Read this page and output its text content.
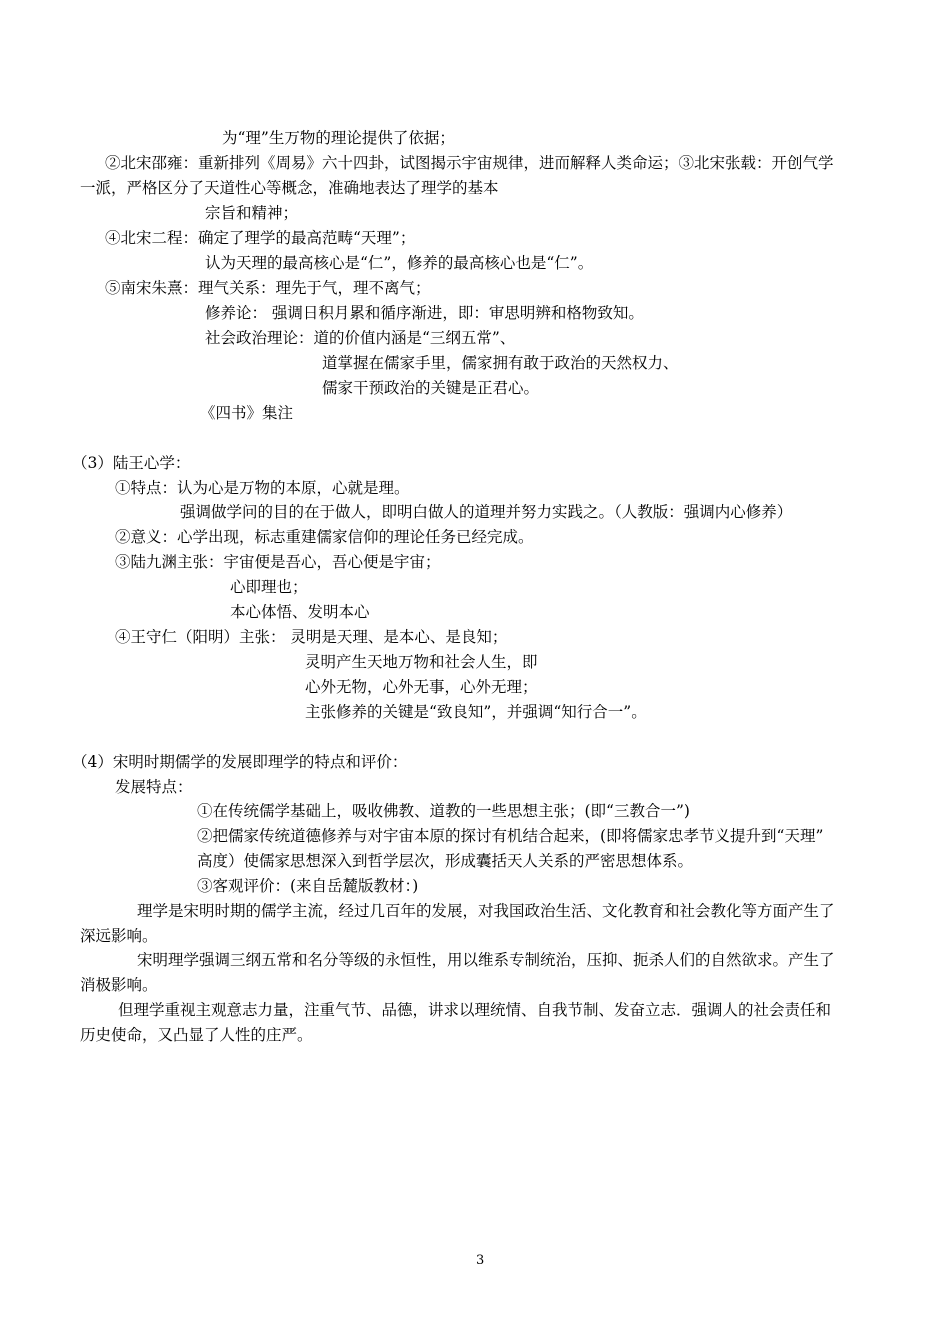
为“理”生万物的理论提供了依据；
②北宋邵雍：重新排列《周易》六十四卦，试图揭示宇宙规律，进而解释人类命运；③北宋张载：开创气学
一派，严格区分了天道性心等概念，准确地表达了理学的基本
宗旨和精神；
④北宋二程：确定了理学的最高范畴“天理”；
认为天理的最高核心是“仁”，修养的最高核心也是“仁”。
⑤南宋朱熹：理气关系：理先于气，理不离气；
修养论： 强调日积月累和循序渐进，即：审思明辨和格物致知。
社会政治理论：道的价值内涵是“三纲五常”、
道掌握在儒家手里，儒家拥有敢于政治的天然权力、
儒家干预政治的关键是正君心。
《四书》集注
（3）陆王心学：
①特点：认为心是万物的本原，心就是理。
强调做学问的目的在于做人，即明白做人的道理并努力实践之。（人教版：强调内心修养）
②意义：心学出现，标志重建儒家信仰的理论任务已经完成。
③陆九渊主张：宇宙便是吾心，吾心便是宇宙；
心即理也；
本心体悟、发明本心
④王守仁（阳明）主张： 灵明是天理、是本心、是良知；
灵明产生天地万物和社会人生，即
心外无物，心外无事，心外无理；
主张修养的关键是“致良知”，并强调“知行合一”。
（4）宋明时期儒学的发展即理学的特点和评价：
发展特点：
①在传统儒学基础上，吸收佛教、道教的一些思想主张；(即“三教合一”)
②把儒家传统道德修养与对宇宙本原的探讨有机结合起来，(即将儒家忠孝节义提升到“天理”
高度）使儒家思想深入到哲学层次，形成囊括天人关系的严密思想体系。
③客观评价：(来自岳麓版教材：)
理学是宋明时期的儒学主流，经过几百年的发展，对我国政治生活、文化教育和社会教化等方面产生了
深远影响。
宋明理学强调三纲五常和名分等级的永恒性，用以维系专制统治，压抑、扼杀人们的自然欲求。产生了
消极影响。
但理学重视主观意志力量，注重气节、品德，讲求以理统情、自我节制、发奋立志．强调人的社会责任和
历史使命，又凸显了人性的庄严。
3
